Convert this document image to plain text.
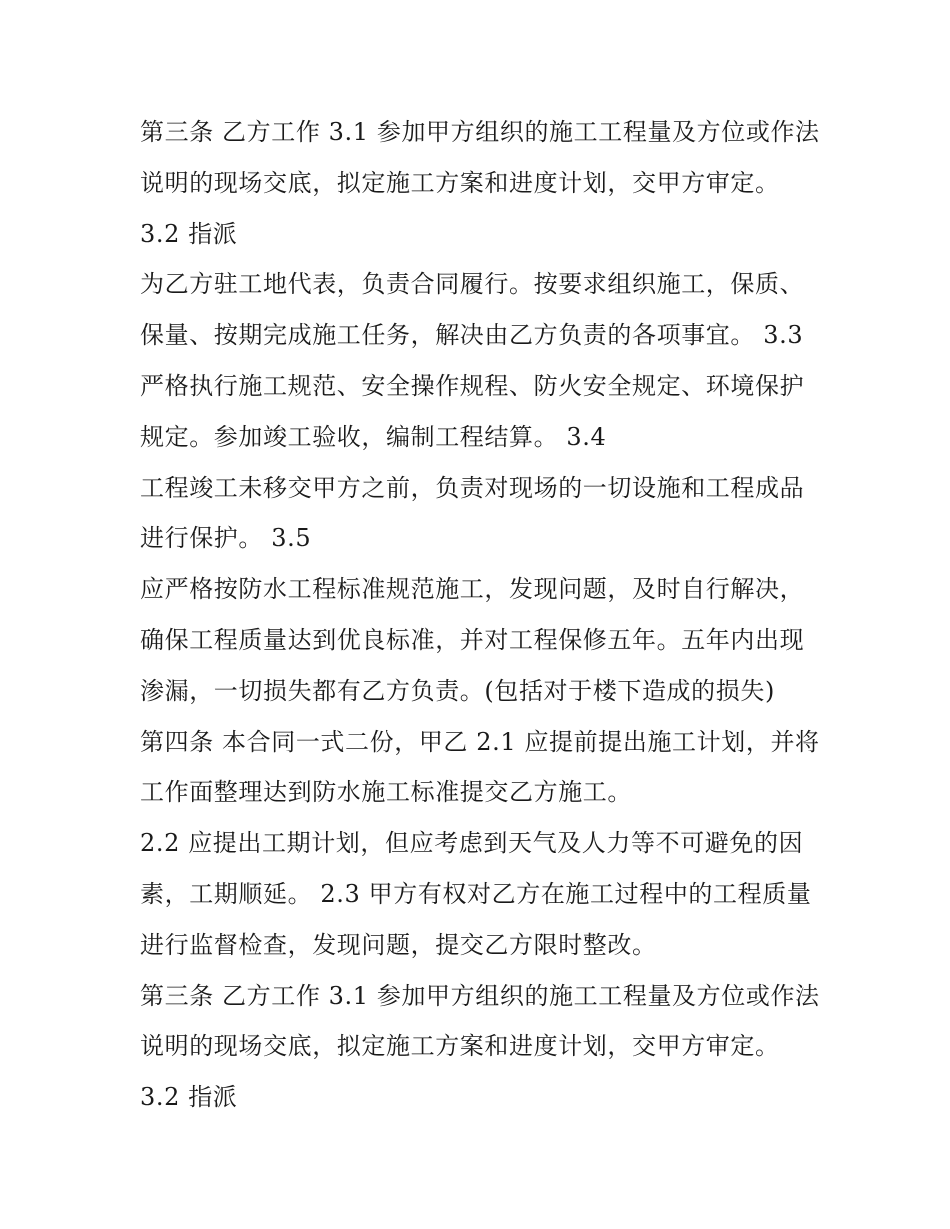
第三条 乙方工作 3.1 参加甲方组织的施工工程量及方位或作法
说明的现场交底，拟定施工方案和进度计划，交甲方审定。
3.2 指派
为乙方驻工地代表，负责合同履行。按要求组织施工，保质、
保量、按期完成施工任务，解决由乙方负责的各项事宜。 3.3
严格执行施工规范、安全操作规程、防火安全规定、环境保护
规定。参加竣工验收，编制工程结算。 3.4
工程竣工未移交甲方之前，负责对现场的一切设施和工程成品
进行保护。 3.5
应严格按防水工程标准规范施工，发现问题，及时自行解决，
确保工程质量达到优良标准，并对工程保修五年。五年内出现
渗漏，一切损失都有乙方负责。(包括对于楼下造成的损失)
第四条 本合同一式二份，甲乙 2.1 应提前提出施工计划，并将
工作面整理达到防水施工标准提交乙方施工。
2.2 应提出工期计划，但应考虑到天气及人力等不可避免的因
素，工期顺延。 2.3 甲方有权对乙方在施工过程中的工程质量
进行监督检查，发现问题，提交乙方限时整改。
第三条 乙方工作 3.1 参加甲方组织的施工工程量及方位或作法
说明的现场交底，拟定施工方案和进度计划，交甲方审定。
3.2 指派
